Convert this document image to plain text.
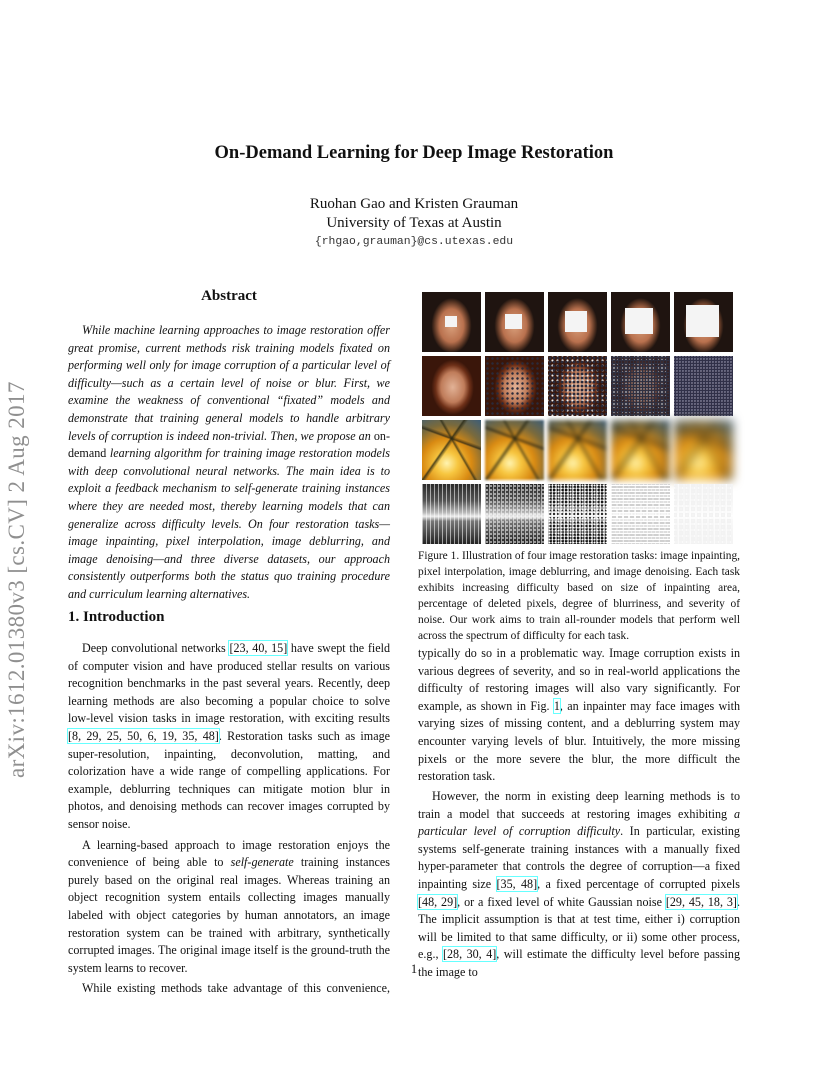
On-Demand Learning for Deep Image Restoration
Ruohan Gao and Kristen Grauman
University of Texas at Austin
{rhgao,grauman}@cs.utexas.edu
arXiv:1612.01380v3 [cs.CV] 2 Aug 2017
Abstract

While machine learning approaches to image restoration offer great promise, current methods risk training models fixated on performing well only for image corruption of a particular level of difficulty—such as a certain level of noise or blur. First, we examine the weakness of conventional “fixated” models and demonstrate that training general models to handle arbitrary levels of corruption is indeed non-trivial. Then, we propose an on-demand learning algorithm for training image restoration models with deep convolutional neural networks. The main idea is to exploit a feedback mechanism to self-generate training instances where they are needed most, thereby learning models that can generalize across difficulty levels. On four restoration tasks—image inpainting, pixel interpolation, image deblurring, and image denoising—and three diverse datasets, our approach consistently outperforms both the status quo training procedure and curriculum learning alternatives.

1. Introduction

Deep convolutional networks [23, 40, 15] have swept the field of computer vision and have produced stellar results on various recognition benchmarks in the past several years. Recently, deep learning methods are also becoming a popular choice to solve low-level vision tasks in image restoration, with exciting results [8, 29, 25, 50, 6, 19, 35, 48]. Restoration tasks such as image super-resolution, inpainting, deconvolution, matting, and colorization have a wide range of compelling applications. For example, deblurring techniques can mitigate motion blur in photos, and denoising methods can recover images corrupted by sensor noise.

A learning-based approach to image restoration enjoys the convenience of being able to self-generate training instances purely based on the original real images. Whereas training an object recognition system entails collecting images manually labeled with object categories by human annotators, an image restoration system can be trained with arbitrary, synthetically corrupted images. The original image itself is the ground-truth the system learns to recover.

While existing methods take advantage of this convenience,

typically do so in a problematic way. Image corruption exists in various degrees of severity, and so in real-world applications the difficulty of restoring images will also vary significantly. For example, as shown in Fig. 1, an inpainter may face images with varying sizes of missing content, and a deblurring system may encounter varying levels of blur. Intuitively, the more missing pixels or the more severe the blur, the more difficult the restoration task.

However, the norm in existing deep learning methods is to train a model that succeeds at restoring images exhibiting a particular level of corruption difficulty. In particular, existing systems self-generate training instances with a manually fixed hyper-parameter that controls the degree of corruption—a fixed inpainting size [35, 48], a fixed percentage of corrupted pixels [48, 29], or a fixed level of white Gaussian noise [29, 45, 18, 3]. The implicit assumption is that at test time, either i) corruption will be limited to that same difficulty, or ii) some other process, e.g., [28, 30, 4], will estimate the difficulty level before passing the image to

Figure 1. Illustration of four image restoration tasks: image inpainting, pixel interpolation, image deblurring, and image denoising. Each task exhibits increasing difficulty based on size of inpainting area, percentage of deleted pixels, degree of blurriness, and severity of noise. Our work aims to train all-rounder models that perform well across the spectrum of difficulty for each task.
1
